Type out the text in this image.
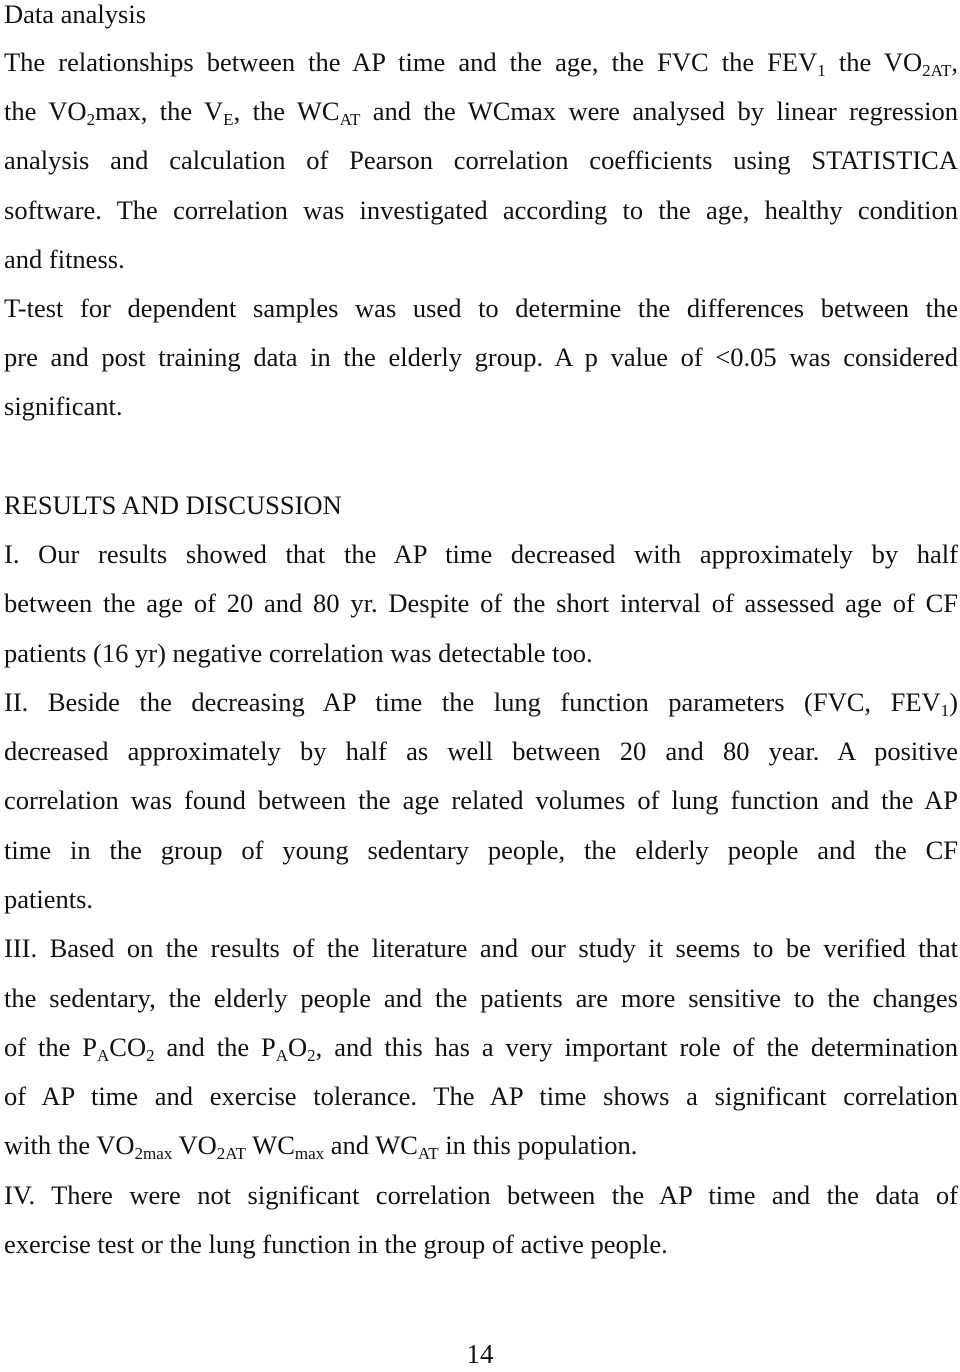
Data analysis
The relationships between the AP time and the age, the FVC the $FEV_1$ the $VO_{2AT}$,
the $VO_2\max$, the $V_E$, the $WC_{AT}$ and the WCmax were analysed by linear regression
analysis and calculation of Pearson correlation coefficients using STATISTICA
software. The correlation was investigated according to the age, healthy condition
and fitness.
T-test for dependent samples was used to determine the differences between the
pre and post training data in the elderly group. A p value of <0.05 was considered
significant.
RESULTS AND DISCUSSION
I. Our results showed that the AP time decreased with approximately by half
between the age of 20 and 80 yr. Despite of the short interval of assessed age of CF
patients (16 yr) negative correlation was detectable too.
II. Beside the decreasing AP time the lung function parameters (FVC, $FEV_1$)
decreased approximately by half as well between 20 and 80 year. A positive
correlation was found between the age related volumes of lung function and the AP
time in the group of young sedentary people, the elderly people and the CF
patients.
III. Based on the results of the literature and our study it seems to be verified that
the sedentary, the elderly people and the patients are more sensitive to the changes
of the $P_ACO_2$ and the $P_AO_2$, and this has a very important role of the determination
of AP time and exercise tolerance. The AP time shows a significant correlation
with the $VO_{2max}$ $VO_{2AT}$ $WC_{max}$ and $WC_{AT}$ in this population.
IV. There were not significant correlation between the AP time and the data of
exercise test or the lung function in the group of active people.
14
